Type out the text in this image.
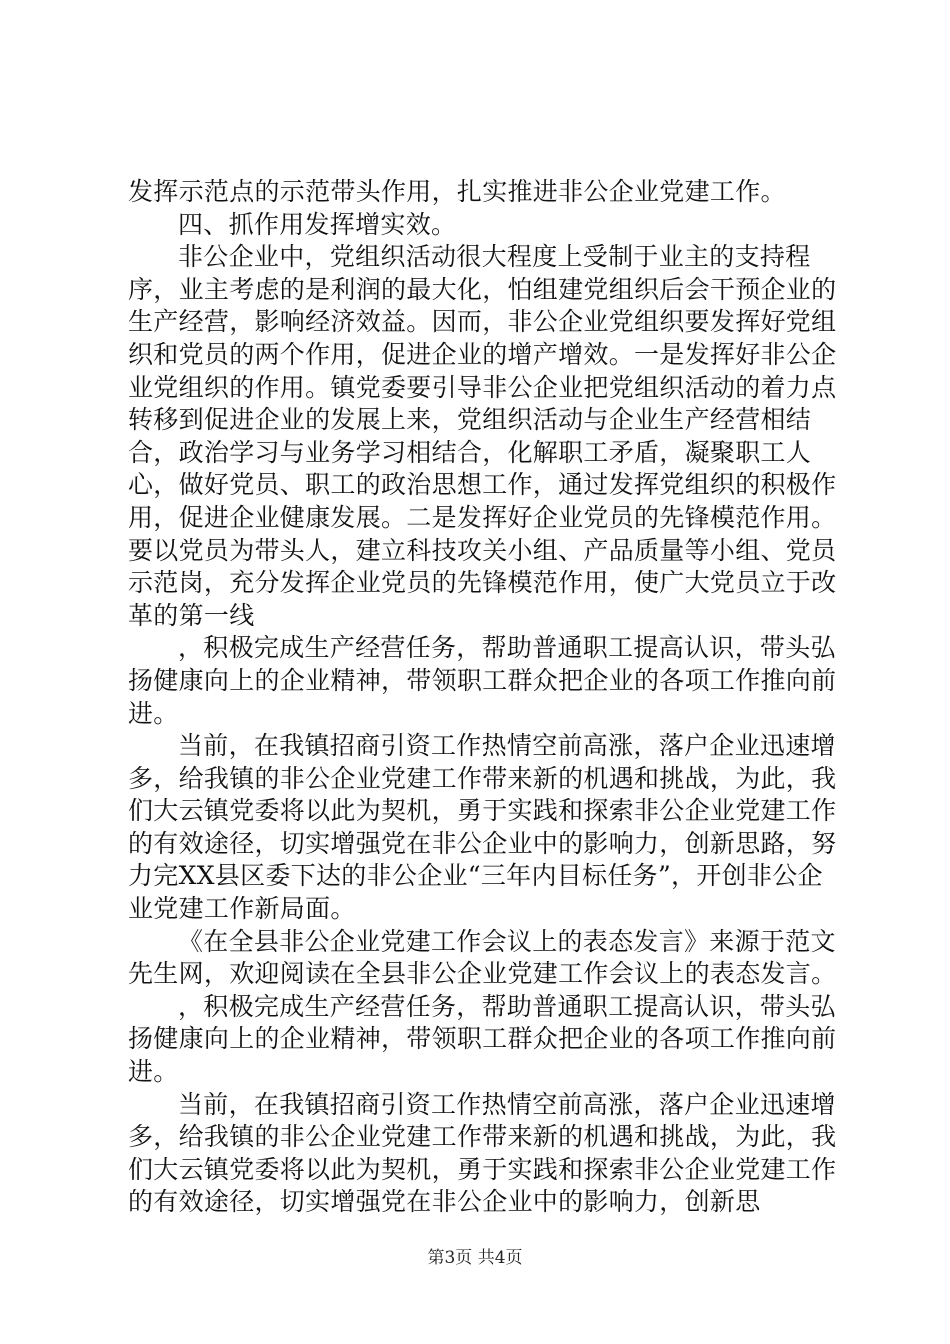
发挥示范点的示范带头作用，扎实推进非公企业党建工作。

四、抓作用发挥增实效。

非公企业中，党组织活动很大程度上受制于业主的支持程序，业主考虑的是利润的最大化，怕组建党组织后会干预企业的生产经营，影响经济效益。因而，非公企业党组织要发挥好党组织和党员的两个作用，促进企业的增产增效。一是发挥好非公企业党组织的作用。镇党委要引导非公企业把党组织活动的着力点转移到促进企业的发展上来，党组织活动与企业生产经营相结合，政治学习与业务学习相结合，化解职工矛盾，凝聚职工人心，做好党员、职工的政治思想工作，通过发挥党组织的积极作用，促进企业健康发展。二是发挥好企业党员的先锋模范作用。要以党员为带头人，建立科技攻关小组、产品质量等小组、党员示范岗，充分发挥企业党员的先锋模范作用，使广大党员立于改革的第一线

，积极完成生产经营任务，帮助普通职工提高认识，带头弘扬健康向上的企业精神，带领职工群众把企业的各项工作推向前进。

当前，在我镇招商引资工作热情空前高涨，落户企业迅速增多，给我镇的非公企业党建工作带来新的机遇和挑战，为此，我们大云镇党委将以此为契机，勇于实践和探索非公企业党建工作的有效途径，切实增强党在非公企业中的影响力，创新思路，努力完XX县区委下达的非公企业“三年内目标任务”，开创非公企业党建工作新局面。

《在全县非公企业党建工作会议上的表态发言》来源于范文先生网，欢迎阅读在全县非公企业党建工作会议上的表态发言。

，积极完成生产经营任务，帮助普通职工提高认识，带头弘扬健康向上的企业精神，带领职工群众把企业的各项工作推向前进。

当前，在我镇招商引资工作热情空前高涨，落户企业迅速增多，给我镇的非公企业党建工作带来新的机遇和挑战，为此，我们大云镇党委将以此为契机，勇于实践和探索非公企业党建工作的有效途径，切实增强党在非公企业中的影响力，创新思

第3页 共4页
